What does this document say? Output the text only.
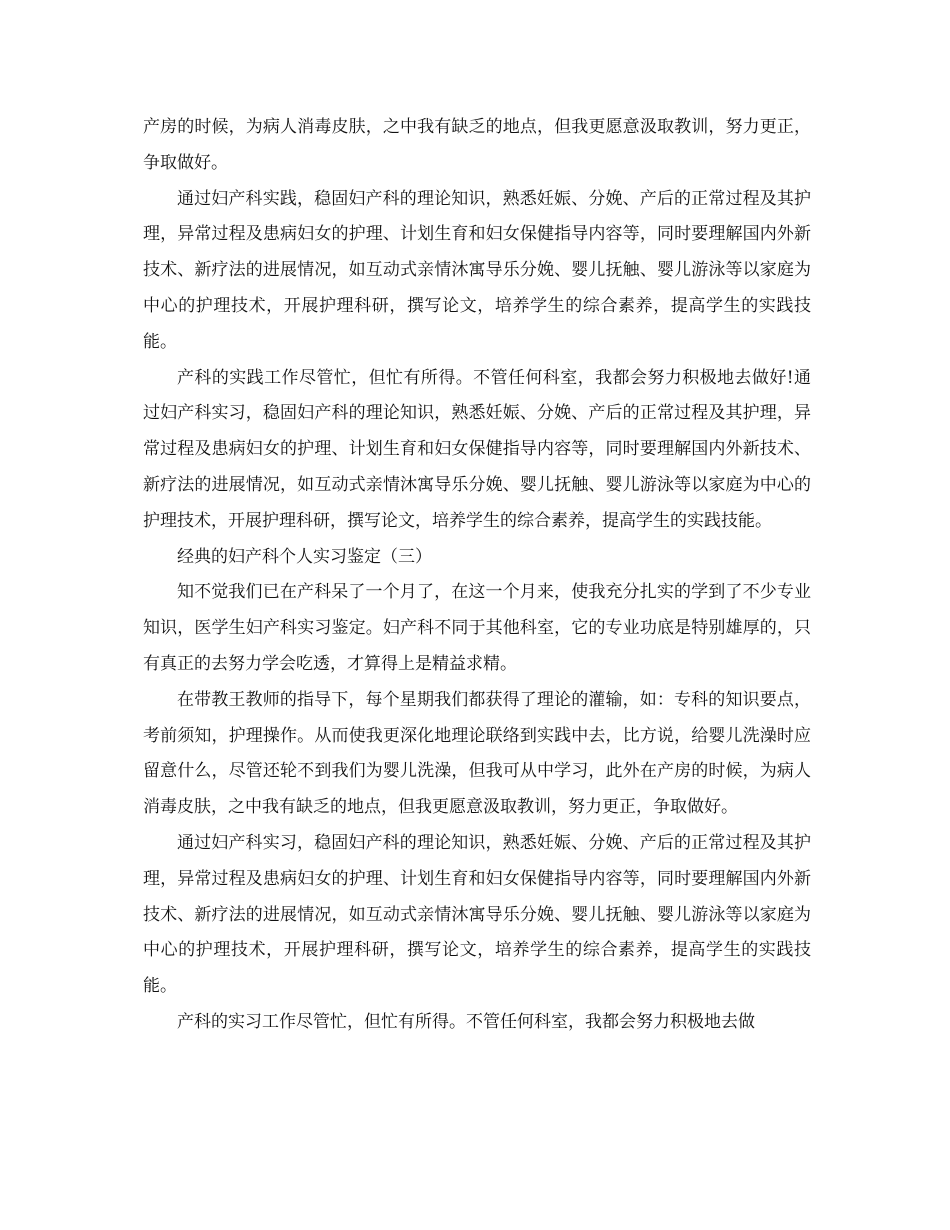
产房的时候，为病人消毒皮肤，之中我有缺乏的地点，但我更愿意汲取教训，努力更正，争取做好。

通过妇产科实践，稳固妇产科的理论知识，熟悉妊娠、分娩、产后的正常过程及其护理，异常过程及患病妇女的护理、计划生育和妇女保健指导内容等，同时要理解国内外新技术、新疗法的进展情况，如互动式亲情沐寓导乐分娩、婴儿抚触、婴儿游泳等以家庭为中心的护理技术，开展护理科研，撰写论文，培养学生的综合素养，提高学生的实践技能。

产科的实践工作尽管忙，但忙有所得。不管任何科室，我都会努力积极地去做好!通过妇产科实习，稳固妇产科的理论知识，熟悉妊娠、分娩、产后的正常过程及其护理，异常过程及患病妇女的护理、计划生育和妇女保健指导内容等，同时要理解国内外新技术、新疗法的进展情况，如互动式亲情沐寓导乐分娩、婴儿抚触、婴儿游泳等以家庭为中心的护理技术，开展护理科研，撰写论文，培养学生的综合素养，提高学生的实践技能。

经典的妇产科个人实习鉴定（三）

知不觉我们已在产科呆了一个月了，在这一个月来，使我充分扎实的学到了不少专业知识，医学生妇产科实习鉴定。妇产科不同于其他科室，它的专业功底是特别雄厚的，只有真正的去努力学会吃透，才算得上是精益求精。

在带教王教师的指导下，每个星期我们都获得了理论的灌输，如：专科的知识要点，考前须知，护理操作。从而使我更深化地理论联络到实践中去，比方说，给婴儿洗澡时应留意什么，尽管还轮不到我们为婴儿洗澡，但我可从中学习，此外在产房的时候，为病人消毒皮肤，之中我有缺乏的地点，但我更愿意汲取教训，努力更正，争取做好。

通过妇产科实习，稳固妇产科的理论知识，熟悉妊娠、分娩、产后的正常过程及其护理，异常过程及患病妇女的护理、计划生育和妇女保健指导内容等，同时要理解国内外新技术、新疗法的进展情况，如互动式亲情沐寓导乐分娩、婴儿抚触、婴儿游泳等以家庭为中心的护理技术，开展护理科研，撰写论文，培养学生的综合素养，提高学生的实践技能。

产科的实习工作尽管忙，但忙有所得。不管任何科室，我都会努力积极地去做
